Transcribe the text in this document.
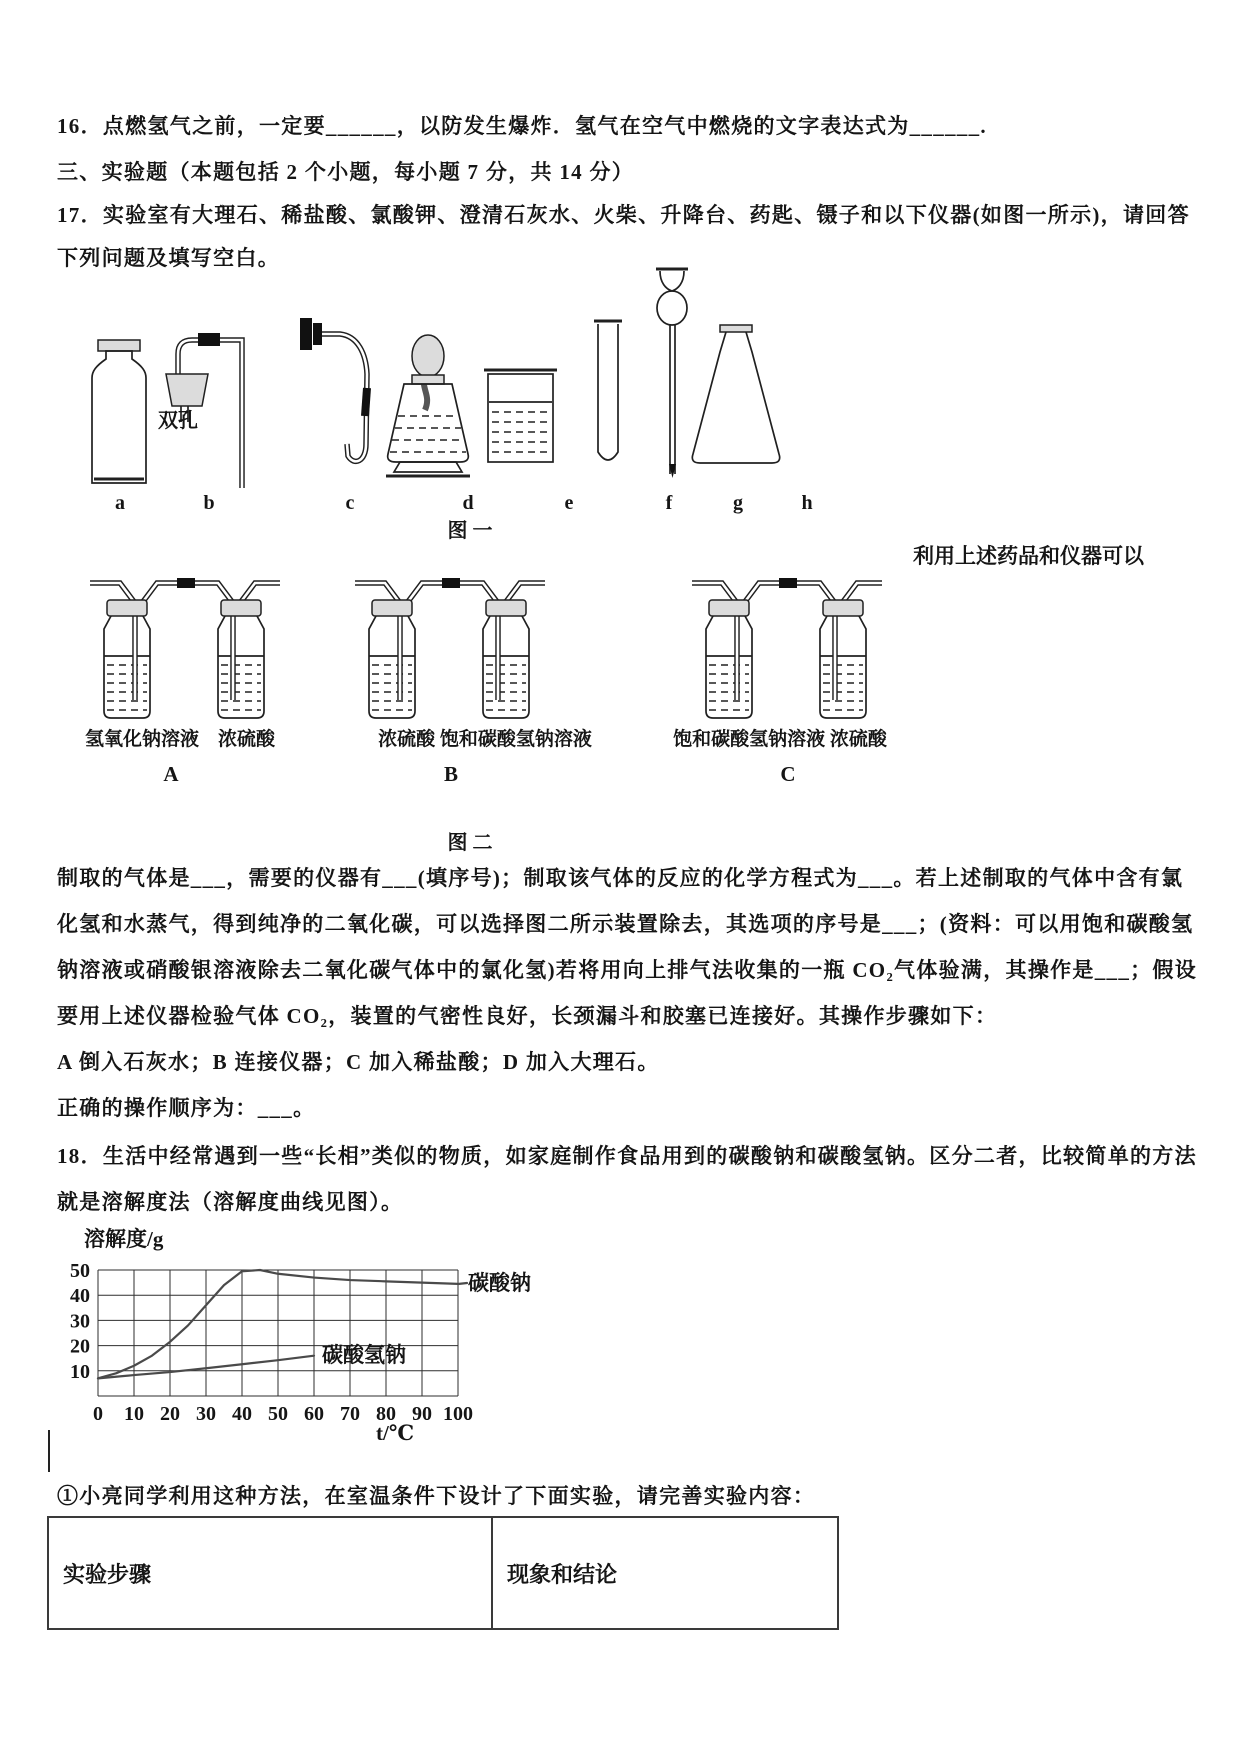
16．点燃氢气之前，一定要______，以防发生爆炸．氢气在空气中燃烧的文字表达式为______.
三、实验题（本题包括 2 个小题，每小题 7 分，共 14 分）
17．实验室有大理石、稀盐酸、氯酸钾、澄清石灰水、火柴、升降台、药匙、镊子和以下仪器(如图一所示)，请回答
下列问题及填写空白。
双孔
a	b	c	d	e	f	g	h
图 一
利用上述药品和仪器可以
氢氧化钠溶液　浓硫酸	浓硫酸 饱和碳酸氢钠溶液	饱和碳酸氢钠溶液 浓硫酸
A	B	C
图 二
制取的气体是___，需要的仪器有___(填序号)；制取该气体的反应的化学方程式为___。若上述制取的气体中含有氯
化氢和水蒸气，得到纯净的二氧化碳，可以选择图二所示装置除去，其选项的序号是___；(资料：可以用饱和碳酸氢
钠溶液或硝酸银溶液除去二氧化碳气体中的氯化氢)若将用向上排气法收集的一瓶 CO₂气体验满，其操作是___；假设
要用上述仪器检验气体 CO₂，装置的气密性良好，长颈漏斗和胶塞已连接好。其操作步骤如下：
A 倒入石灰水；B 连接仪器；C 加入稀盐酸；D 加入大理石。
正确的操作顺序为：___。
18．生活中经常遇到一些“长相”类似的物质，如家庭制作食品用到的碳酸钠和碳酸氢钠。区分二者，比较简单的方法
就是溶解度法（溶解度曲线见图）。
10
20
30
40
50
0 10 20 30 40 50 60 70 80 90 100
溶解度/g
t/℃
碳酸钠
碳酸氢钠
①小亮同学利用这种方法，在室温条件下设计了下面实验，请完善实验内容：
实验步骤	现象和结论
